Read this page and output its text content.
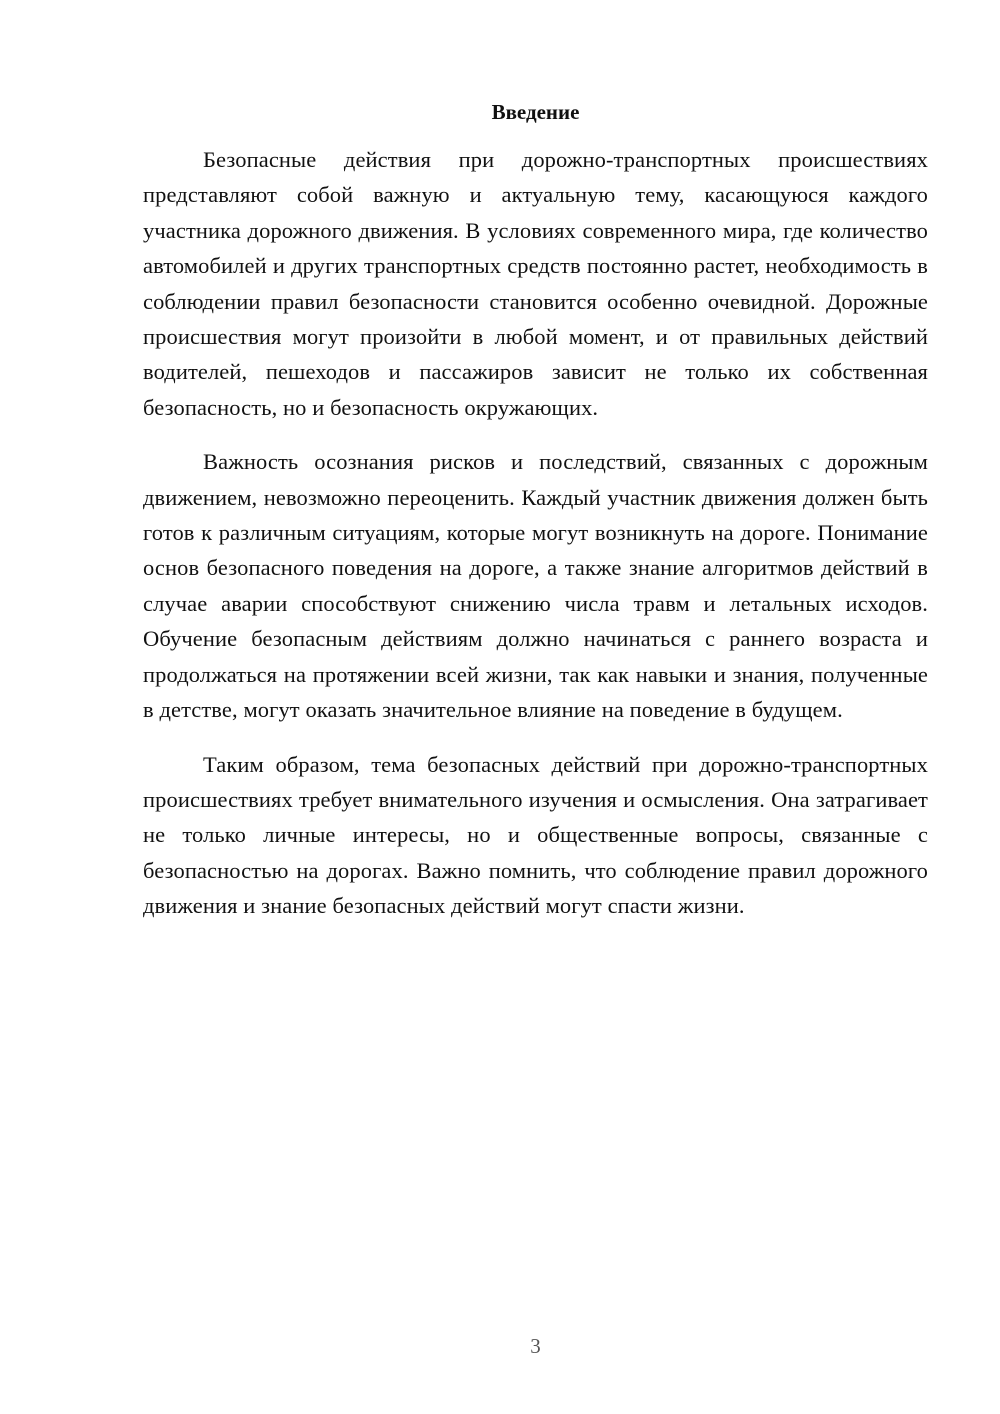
Введение

Безопасные действия при дорожно-транспортных происшествиях представляют собой важную и актуальную тему, касающуюся каждого участника дорожного движения. В условиях современного мира, где количество автомобилей и других транспортных средств постоянно растет, необходимость в соблюдении правил безопасности становится особенно очевидной. Дорожные происшествия могут произойти в любой момент, и от правильных действий водителей, пешеходов и пассажиров зависит не только их собственная безопасность, но и безопасность окружающих.

Важность осознания рисков и последствий, связанных с дорожным движением, невозможно переоценить. Каждый участник движения должен быть готов к различным ситуациям, которые могут возникнуть на дороге. Понимание основ безопасного поведения на дороге, а также знание алгоритмов действий в случае аварии способствуют снижению числа травм и летальных исходов. Обучение безопасным действиям должно начинаться с раннего возраста и продолжаться на протяжении всей жизни, так как навыки и знания, полученные в детстве, могут оказать значительное влияние на поведение в будущем.

Таким образом, тема безопасных действий при дорожно-транспортных происшествиях требует внимательного изучения и осмысления. Она затрагивает не только личные интересы, но и общественные вопросы, связанные с безопасностью на дорогах. Важно помнить, что соблюдение правил дорожного движения и знание безопасных действий могут спасти жизни.

3
